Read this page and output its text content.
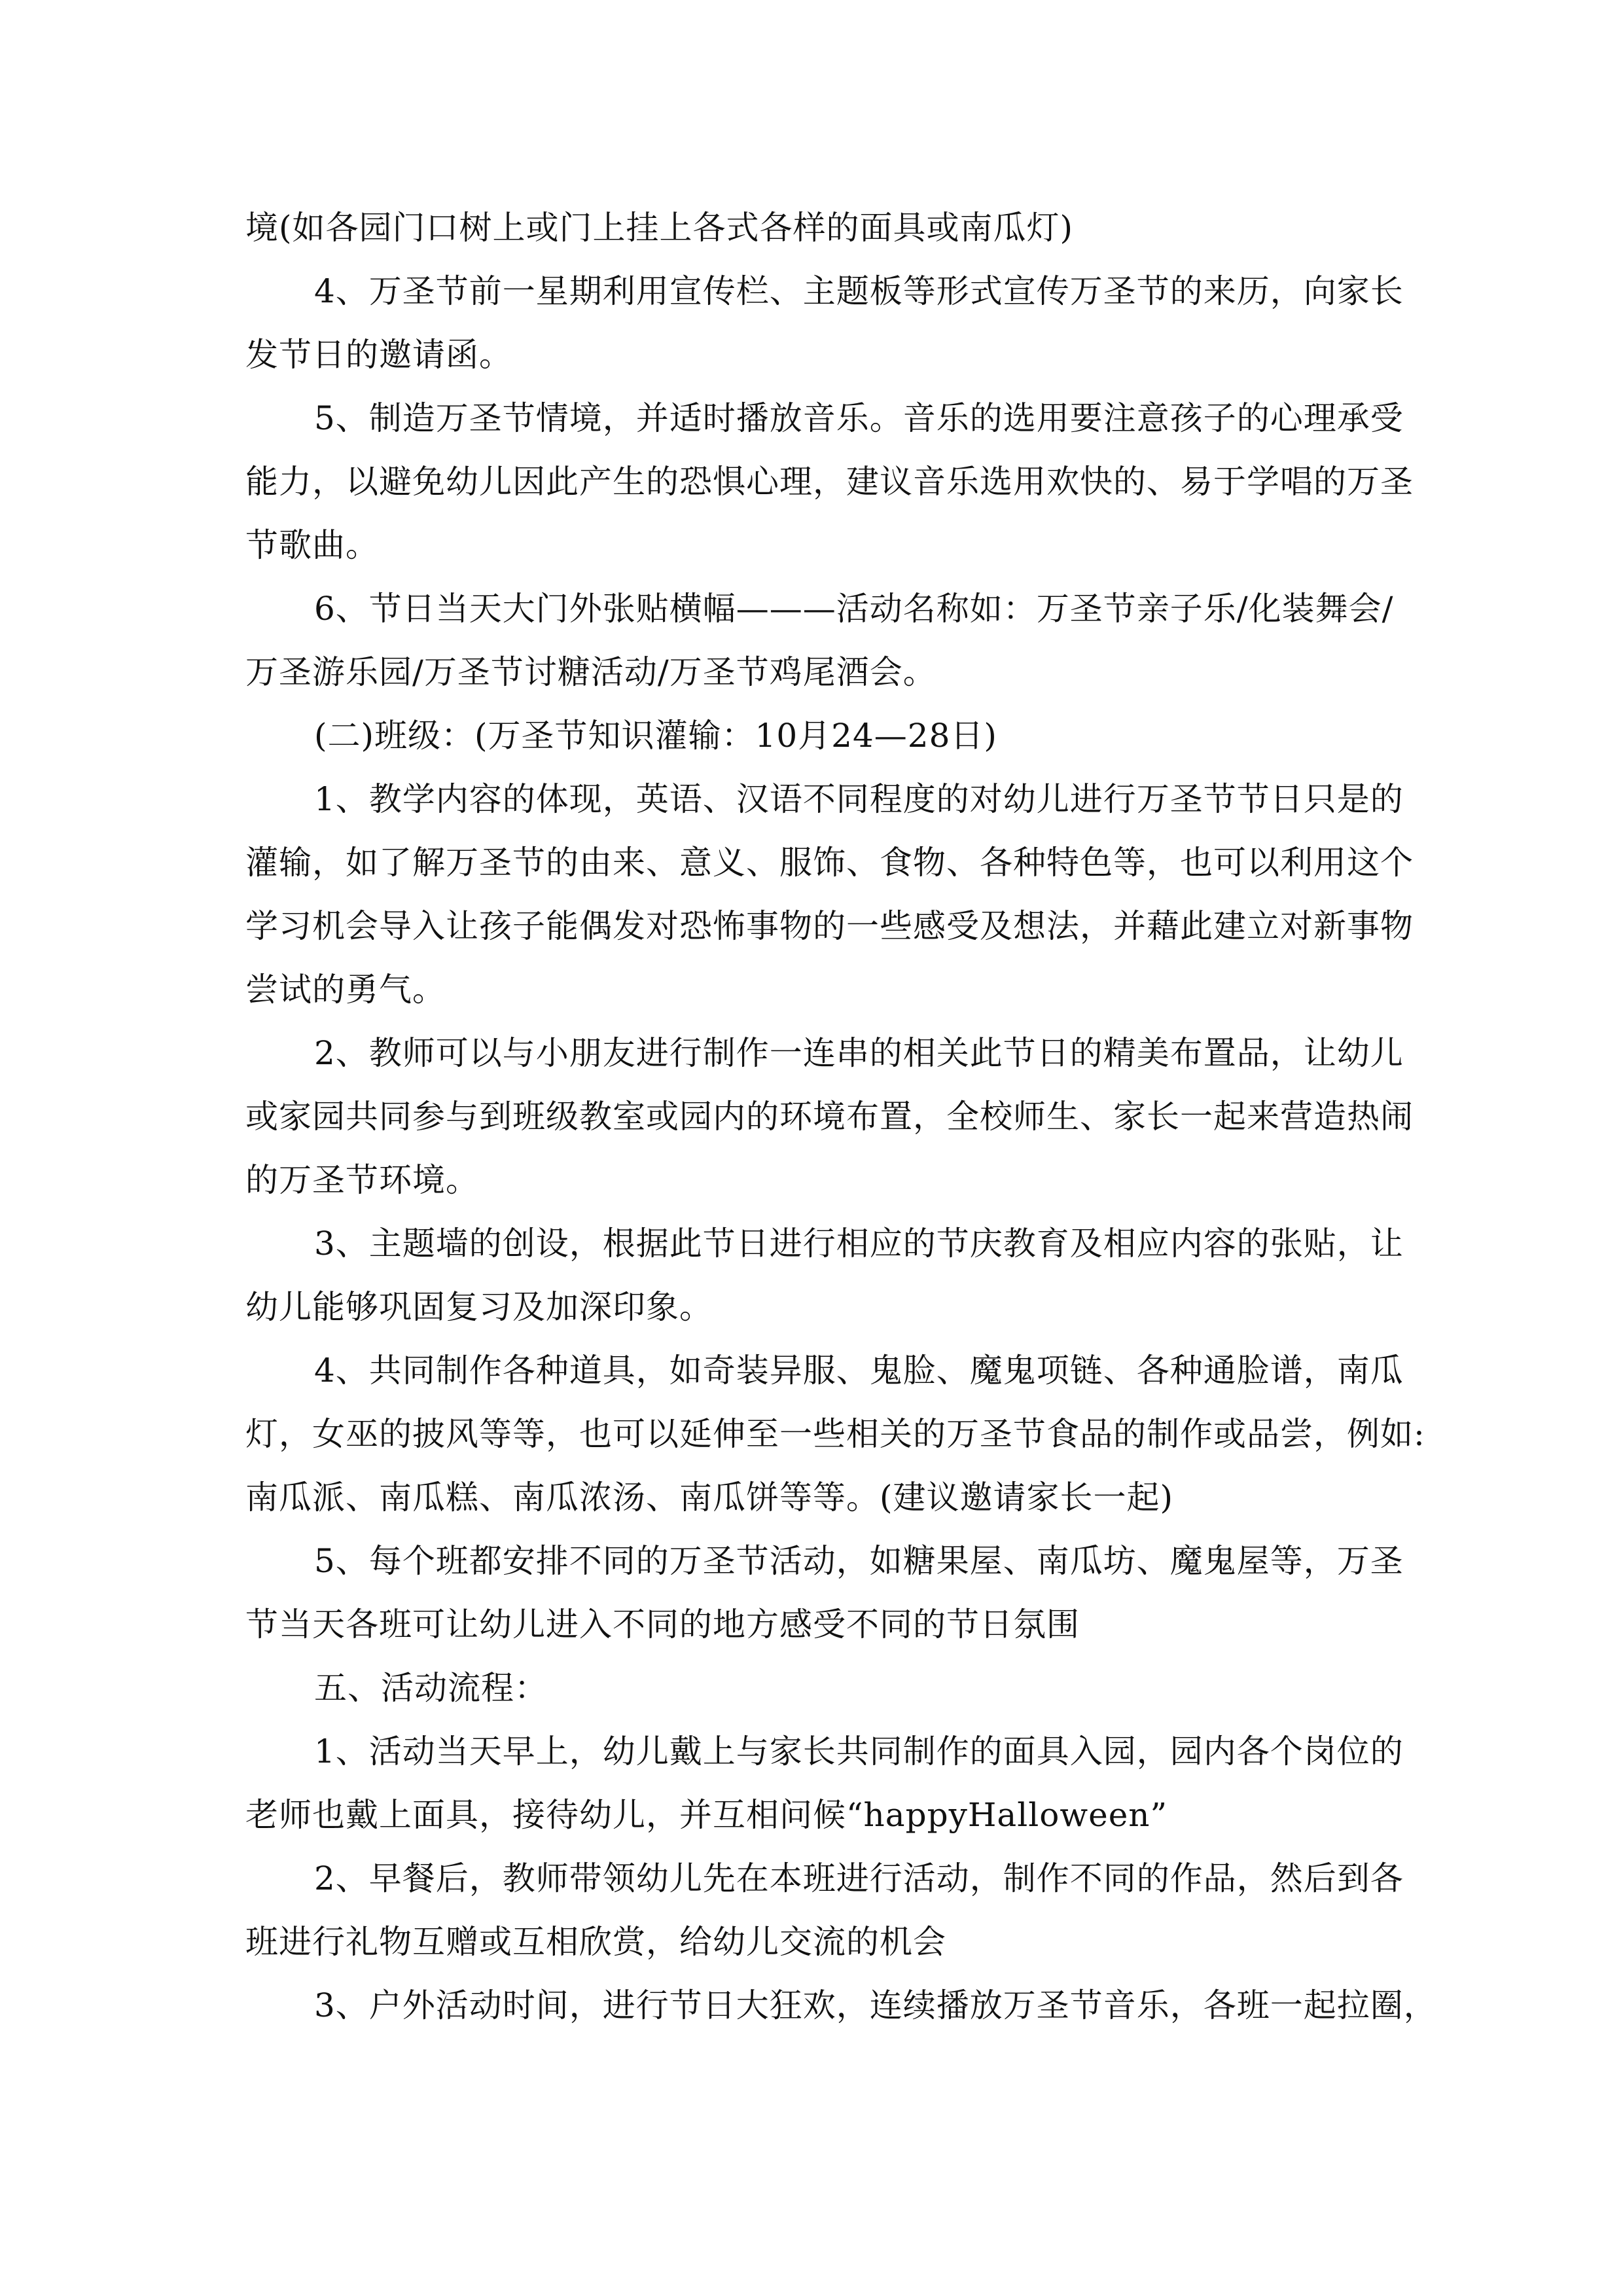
境(如各园门口树上或门上挂上各式各样的面具或南瓜灯)
4、万圣节前一星期利用宣传栏、主题板等形式宣传万圣节的来历，向家长
发节日的邀请函。
5、制造万圣节情境，并适时播放音乐。音乐的选用要注意孩子的心理承受
能力，以避免幼儿因此产生的恐惧心理，建议音乐选用欢快的、易于学唱的万圣
节歌曲。
6、节日当天大门外张贴横幅———活动名称如：万圣节亲子乐/化装舞会/
万圣游乐园/万圣节讨糖活动/万圣节鸡尾酒会。
(二)班级：(万圣节知识灌输：10月24—28日)
1、教学内容的体现，英语、汉语不同程度的对幼儿进行万圣节节日只是的
灌输，如了解万圣节的由来、意义、服饰、食物、各种特色等，也可以利用这个
学习机会导入让孩子能偶发对恐怖事物的一些感受及想法，并藉此建立对新事物
尝试的勇气。
2、教师可以与小朋友进行制作一连串的相关此节日的精美布置品，让幼儿
或家园共同参与到班级教室或园内的环境布置，全校师生、家长一起来营造热闹
的万圣节环境。
3、主题墙的创设，根据此节日进行相应的节庆教育及相应内容的张贴，让
幼儿能够巩固复习及加深印象。
4、共同制作各种道具，如奇装异服、鬼脸、魔鬼项链、各种通脸谱，南瓜
灯，女巫的披风等等，也可以延伸至一些相关的万圣节食品的制作或品尝，例如:
南瓜派、南瓜糕、南瓜浓汤、南瓜饼等等。(建议邀请家长一起)
5、每个班都安排不同的万圣节活动，如糖果屋、南瓜坊、魔鬼屋等，万圣
节当天各班可让幼儿进入不同的地方感受不同的节日氛围
五、活动流程：
1、活动当天早上，幼儿戴上与家长共同制作的面具入园，园内各个岗位的
老师也戴上面具，接待幼儿，并互相问候“happyHalloween”
2、早餐后，教师带领幼儿先在本班进行活动，制作不同的作品，然后到各
班进行礼物互赠或互相欣赏，给幼儿交流的机会
3、户外活动时间，进行节日大狂欢，连续播放万圣节音乐，各班一起拉圈，
